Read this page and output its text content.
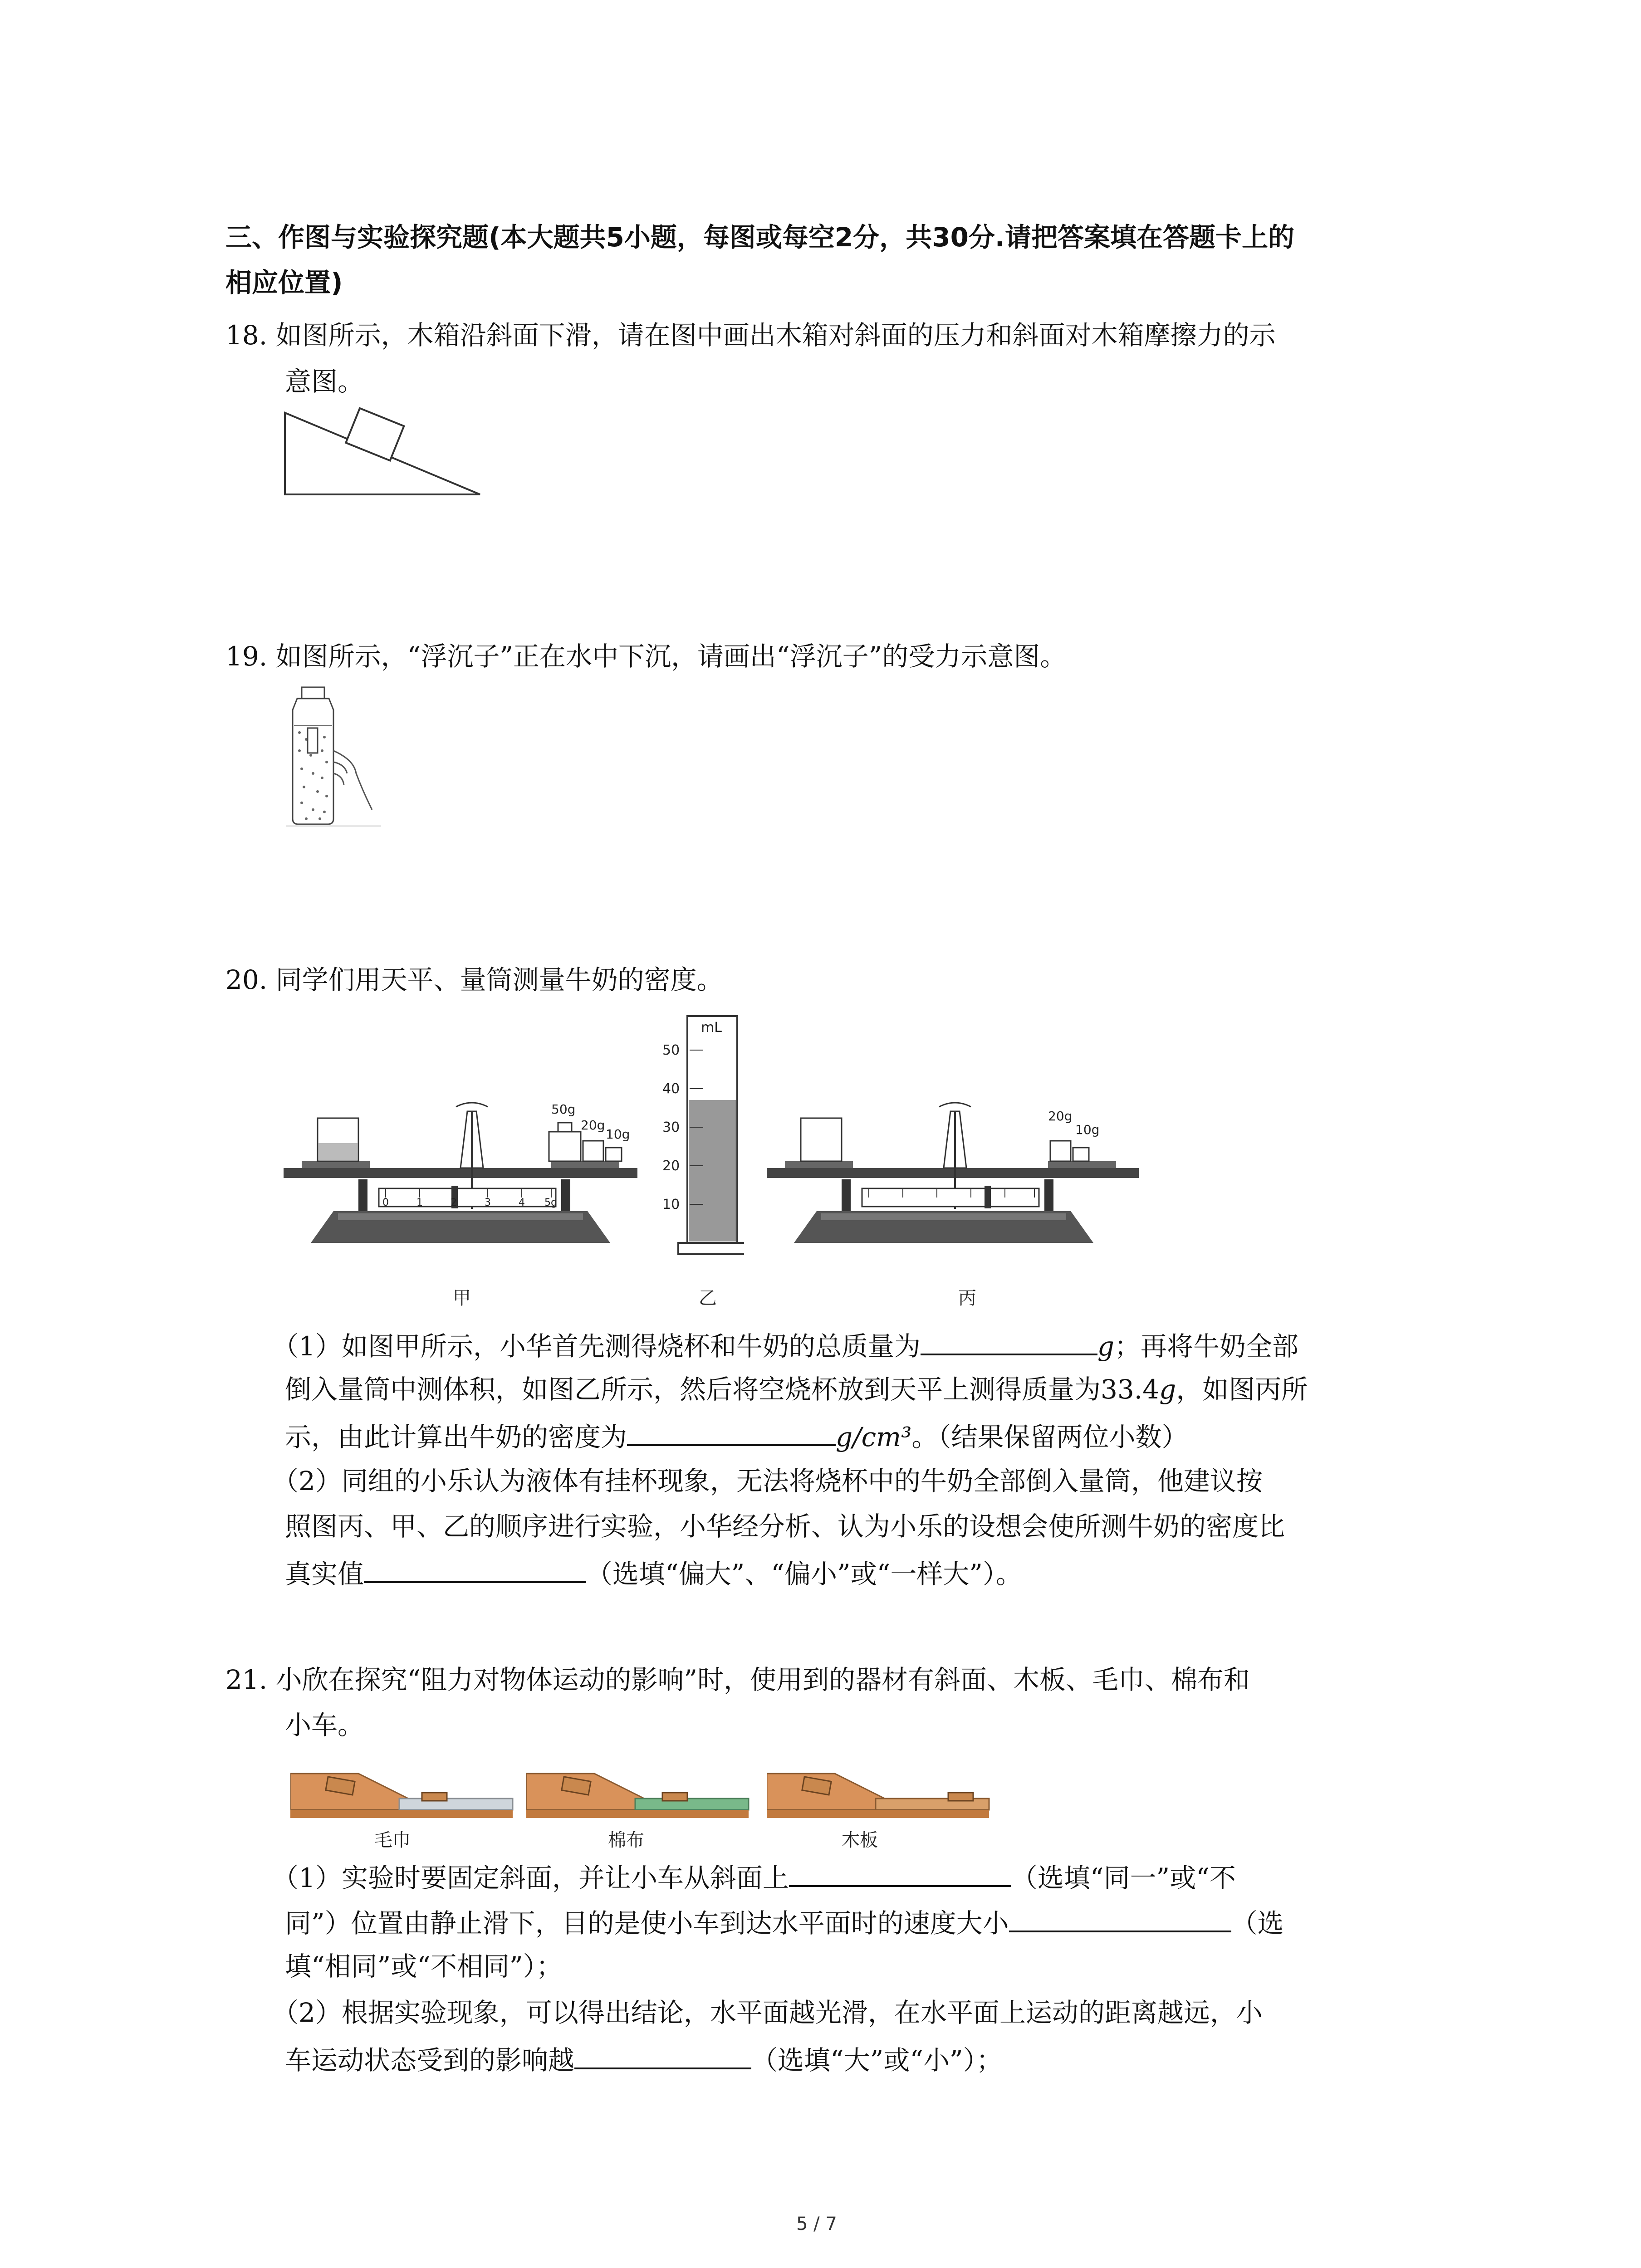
三、作图与实验探究题(本大题共5小题，每图或每空2分，共30分.请把答案填在答题卡上的
相应位置)
18. 如图所示，木箱沿斜面下滑，请在图中画出木箱对斜面的压力和斜面对木箱摩擦力的示
意图。
19. 如图所示，“浮沉子”正在水中下沉，请画出“浮沉子”的受力示意图。
20. 同学们用天平、量筒测量牛奶的密度。
0	1	2	3	4 5g
50g
20g
10g
甲
mL
50
40
30
20
10
乙
20g
10g
丙
（1）如图甲所示，小华首先测得烧杯和牛奶的总质量为	g；再将牛奶全部
倒入量筒中测体积，如图乙所示，然后将空烧杯放到天平上测得质量为33.4g，如图丙所
示，由此计算出牛奶的密度为	g/cm³。（结果保留两位小数）
（2）同组的小乐认为液体有挂杯现象，无法将烧杯中的牛奶全部倒入量筒，他建议按
照图丙、甲、乙的顺序进行实验，小华经分析、认为小乐的设想会使所测牛奶的密度比
真实值	（选填“偏大”、“偏小”或“一样大”）。
21. 小欣在探究“阻力对物体运动的影响”时，使用到的器材有斜面、木板、毛巾、棉布和
小车。
毛巾	棉布	木板
（1）实验时要固定斜面，并让小车从斜面上	（选填“同一”或“不
同”）位置由静止滑下，目的是使小车到达水平面时的速度大小	（选
填“相同”或“不相同”）；
（2）根据实验现象，可以得出结论，水平面越光滑，在水平面上运动的距离越远，小
车运动状态受到的影响越	（选填“大”或“小”）；
5 / 7
